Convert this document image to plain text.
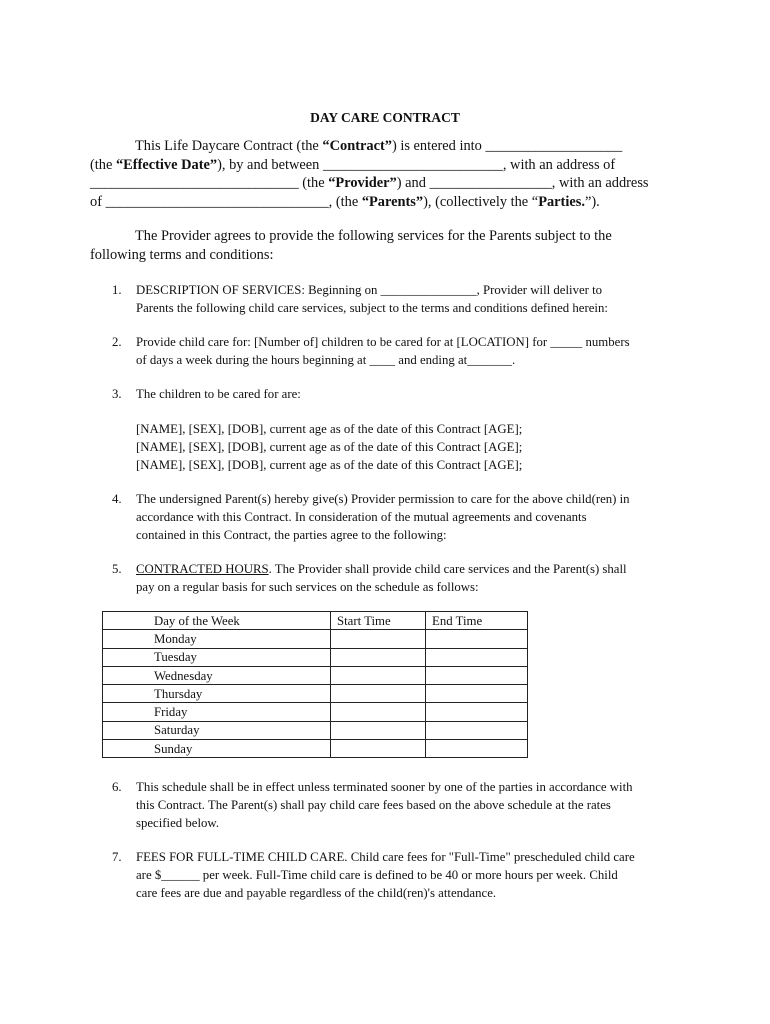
DAY CARE CONTRACT
This Life Daycare Contract (the “Contract”) is entered into ___________________
(the “Effective Date”), by and between _________________________, with an address of
_____________________________ (the “Provider”) and _________________, with an address
of _______________________________, (the “Parents”), (collectively the “Parties.”).
The Provider agrees to provide the following services for the Parents subject to the
following terms and conditions:
1.	DESCRIPTION OF SERVICES: Beginning on _______________, Provider will deliver to
Parents the following child care services, subject to the terms and conditions defined herein:
2.	Provide child care for: [Number of] children to be cared for at [LOCATION] for _____ numbers
of days a week during the hours beginning at ____ and ending at_______.
3.	The children to be cared for are:
[NAME], [SEX], [DOB], current age as of the date of this Contract [AGE];
[NAME], [SEX], [DOB], current age as of the date of this Contract [AGE];
[NAME], [SEX], [DOB], current age as of the date of this Contract [AGE];
4.	The undersigned Parent(s) hereby give(s) Provider permission to care for the above child(ren) in
accordance with this Contract. In consideration of the mutual agreements and covenants
contained in this Contract, the parties agree to the following:
5.	CONTRACTED HOURS. The Provider shall provide child care services and the Parent(s) shall
pay on a regular basis for such services on the schedule as follows:
Day of the Week	Start Time	End Time
Monday		
Tuesday		
Wednesday		
Thursday		
Friday		
Saturday		
Sunday		
6.	This schedule shall be in effect unless terminated sooner by one of the parties in accordance with
this Contract. The Parent(s) shall pay child care fees based on the above schedule at the rates
specified below.
7.	FEES FOR FULL-TIME CHILD CARE. Child care fees for "Full-Time" prescheduled child care
are $______ per week. Full-Time child care is defined to be 40 or more hours per week. Child
care fees are due and payable regardless of the child(ren)'s attendance.
